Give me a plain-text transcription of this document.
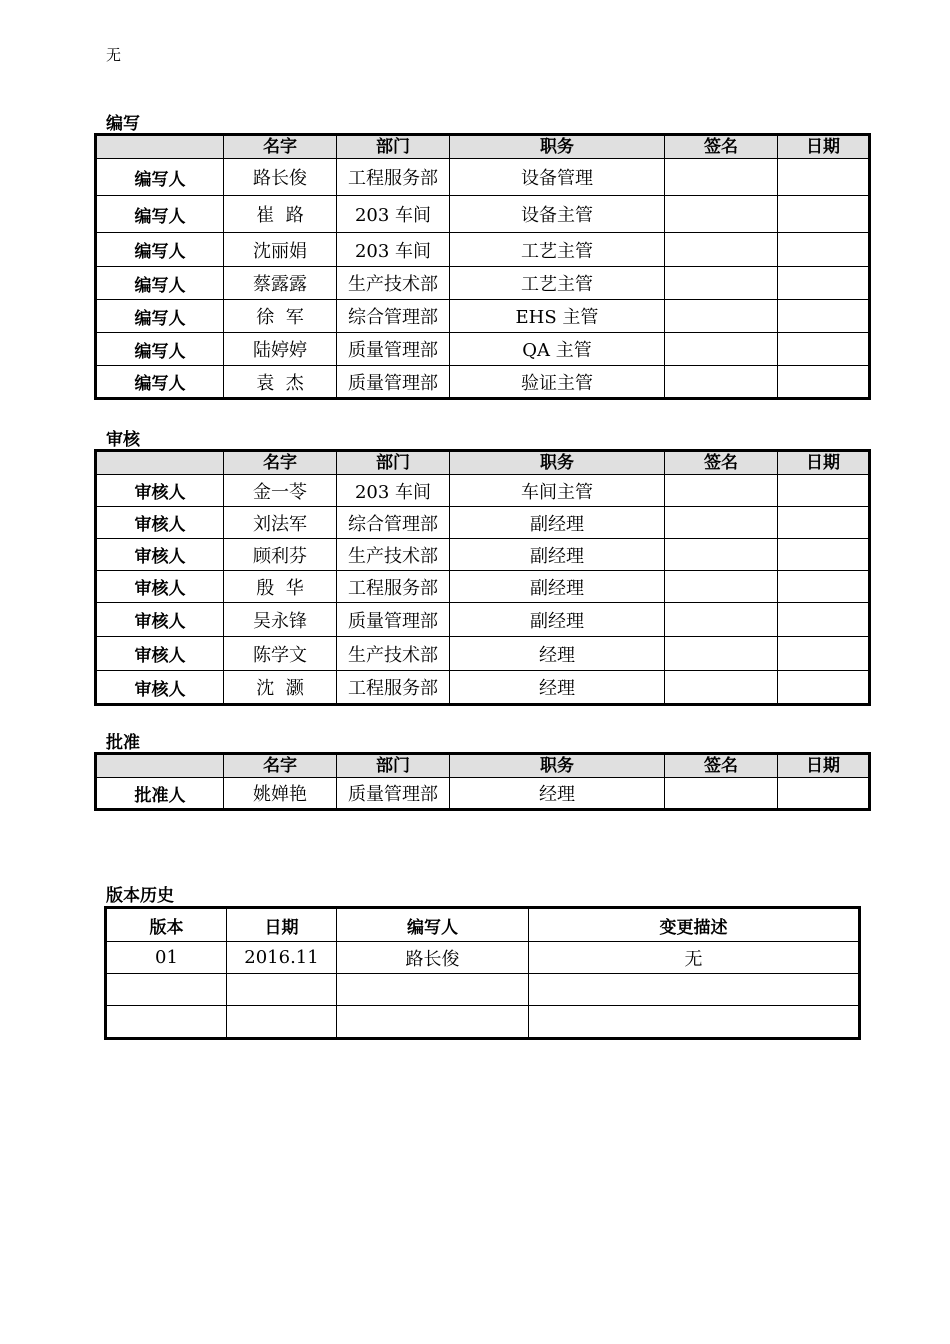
无
编写
	名字	部门	职务	签名	日期
编写人	路长俊	工程服务部	设备管理		
编写人	崔  路	203 车间	设备主管		
编写人	沈丽娟	203 车间	工艺主管		
编写人	蔡露露	生产技术部	工艺主管		
编写人	徐  军	综合管理部	EHS 主管		
编写人	陆婷婷	质量管理部	QA 主管		
编写人	袁  杰	质量管理部	验证主管		
审核
	名字	部门	职务	签名	日期
审核人	金一苓	203 车间	车间主管		
审核人	刘法军	综合管理部	副经理		
审核人	顾利芬	生产技术部	副经理		
审核人	殷  华	工程服务部	副经理		
审核人	吴永锋	质量管理部	副经理		
审核人	陈学文	生产技术部	经理		
审核人	沈  灏	工程服务部	经理		
批准
	名字	部门	职务	签名	日期
批准人	姚婵艳	质量管理部	经理		
版本历史
版本	日期	编写人	变更描述
01	2016.11	路长俊	无
